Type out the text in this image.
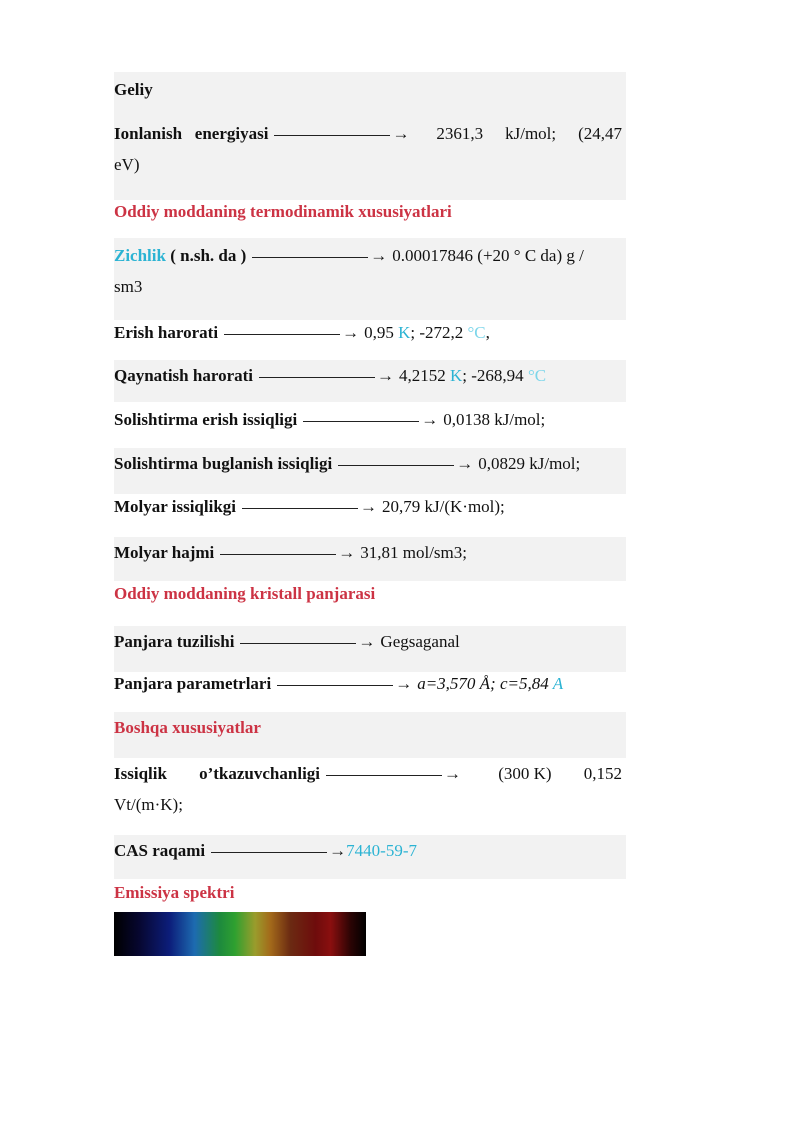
Geliy
Ionlanish energiyasi	→ 2361,3 kJ/mol; (24,47
eV)
Oddiy moddaning termodinamik xususiyatlari
Zichlik ( n.sh. da )	→ 0.00017846 (+20 ° C da) g /
sm3
Erish harorati	→ 0,95 K; -272,2 °C,
Qaynatish harorati	→ 4,2152 K; -268,94 °C
Solishtirma erish issiqligi	→ 0,0138 kJ/mol;
Solishtirma buglanish issiqligi	→ 0,0829 kJ/mol;
Molyar issiqlikgi	→ 20,79 kJ/(K·mol);
Molyar hajmi	→ 31,81 mol/sm3;
Oddiy moddaning kristall panjarasi
Panjara tuzilishi	→ Gegsaganal
Panjara parametrlari	→ a=3,570 Å; c=5,84 A
Boshqa xususiyatlar
Issiqlik o’tkazuvchanligi	→ (300 K) 0,152
Vt/(m·K);
CAS raqami	→7440-59-7
Emissiya spektri
